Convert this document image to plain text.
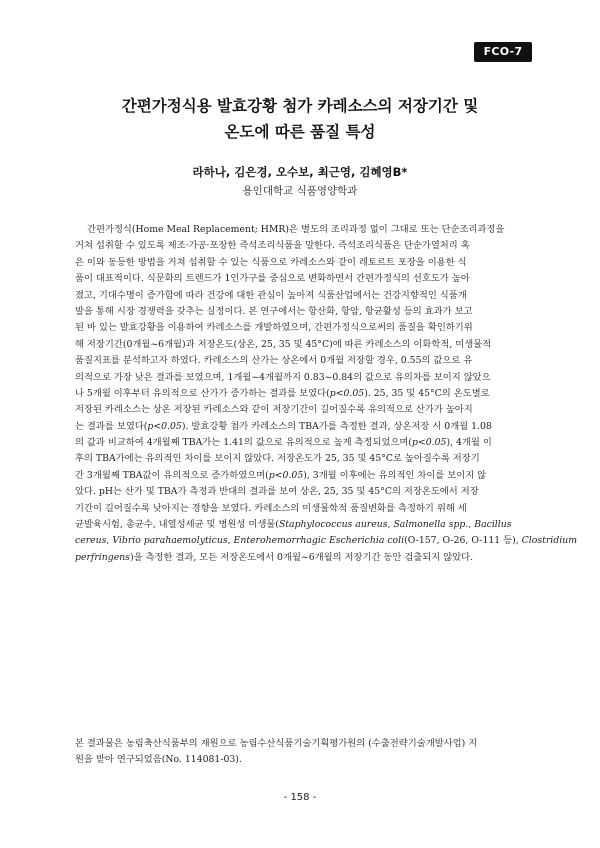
FCO-7
간편가정식용 발효강황 첨가 카레소스의 저장기간 및
온도에 따른 품질 특성
라하나, 김은경, 오수보, 최근영, 김혜영B*
용인대학교 식품영양학과
간편가정식(Home Meal Replacement; HMR)은 별도의 조리과정 없이 그대로 또는 단순조리과정을
거쳐 섭취할 수 있도록 제조·가공·포장한 즉석조리식품을 말한다. 즉석조리식품은 단순가열처리 혹
은 이와 동등한 방법을 거쳐 섭취할 수 있는 식품으로 카레소스와 같이 레토르트 포장을 이용한 식
품이 대표적이다. 식문화의 트렌드가 1인가구를 중심으로 변화하면서 간편가정식의 선호도가 높아
졌고, 기대수명이 증가함에 따라 건강에 대한 관심이 높아져 식품산업에서는 건강지향적인 식품개
발을 통해 시장 경쟁력을 갖추는 실정이다. 본 연구에서는 항산화, 항암, 항균활성 등의 효과가 보고
된 바 있는 발효강황을 이용하여 카레소스를 개발하였으며, 간편가정식으로써의 품질을 확인하기위
해 저장기간(0개월~6개월)과 저장온도(상온, 25, 35 및 45°C)에 따른 카레소스의 이화학적, 미생물적
품질지표를 분석하고자 하였다. 카레소스의 산가는 상온에서 0개월 저장할 경우, 0.55의 값으로 유
의적으로 가장 낮은 결과를 보였으며, 1개월~4개월까지 0.83~0.84의 값으로 유의차를 보이지 않았으
나 5개월 이후부터 유의적으로 산가가 증가하는 결과를 보였다(p<0.05). 25, 35 및 45°C의 온도별로
저장된 카레소스는 상온 저장된 카레소스와 같이 저장기간이 길어질수록 유의적으로 산가가 높아지
는 결과를 보였다(p<0.05). 발효강황 첨가 카레소스의 TBA가를 측정한 결과, 상온저장 시 0개월 1.08
의 값과 비교하여 4개월째 TBA가는 1.41의 값으로 유의적으로 높게 측정되었으며(p<0.05), 4개월 이
후의 TBA가에는 유의적인 차이를 보이지 않았다. 저장온도가 25, 35 및 45°C로 높아질수록 저장기
간 3개월째 TBA값이 유의적으로 증가하였으며(p<0.05), 3개월 이후에는 유의적인 차이를 보이지 않
았다. pH는 산가 및 TBA가 측정과 반대의 결과를 보여 상온, 25, 35 및 45°C의 저장온도에서 저장
기간이 길어질수록 낮아지는 경향을 보였다. 카레소스의 미생물학적 품질변화를 측정하기 위해 세
균발육시험, 총균수, 내열성세균 및 병원성 미생물(Staphylococcus aureus, Salmonella spp., Bacillus
cereus, Vibrio parahaemolyticus, Enterohemorrhagic Escherichia coli(O-157, O-26, O-111 등), Clostridium
perfringens)을 측정한 결과, 모든 저장온도에서 0개월~6개월의 저장기간 동안 검출되지 않았다.
본 결과물은 농림축산식품부의 재원으로 농림수산식품기술기획평가원의 (수출전략기술개발사업) 지
원을 받아 연구되었음(No. 114081-03).
- 158 -
